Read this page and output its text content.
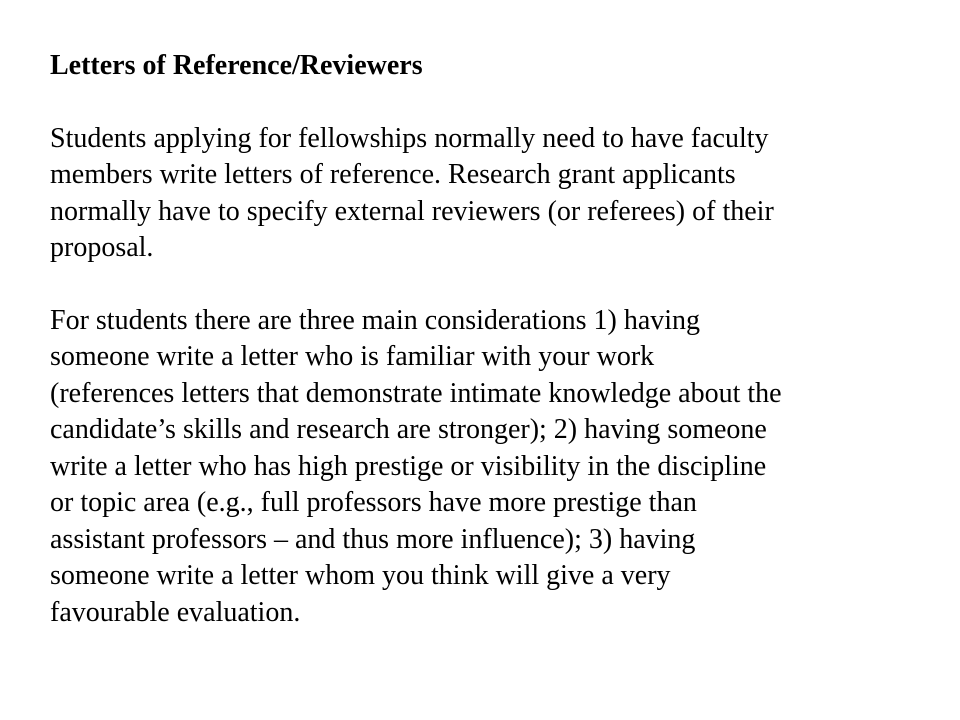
Letters of Reference/Reviewers
Students applying for fellowships normally need to have faculty
members write letters of reference. Research grant applicants
normally have to specify external reviewers (or referees) of their
proposal.
For students there are three main considerations 1) having
someone write a letter who is familiar with your work
(references letters that demonstrate intimate knowledge about the
candidate’s skills and research are stronger); 2) having someone
write a letter who has high prestige or visibility in the discipline
or topic area (e.g., full professors have more prestige than
assistant professors – and thus more influence); 3) having
someone write a letter whom you think will give a very
favourable evaluation.
